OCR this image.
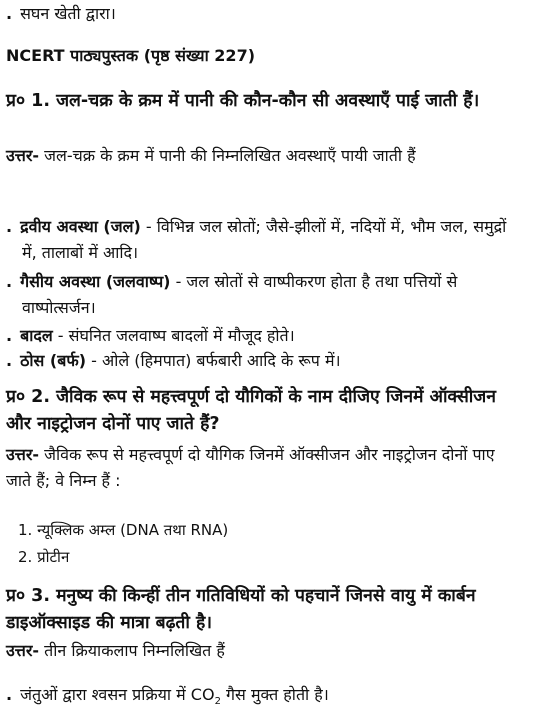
. सघन खेती द्वारा।
NCERT पाठ्यपुस्तक (पृष्ठ संख्या 227)
प्र० 1. जल-चक्र के क्रम में पानी की कौन-कौन सी अवस्थाएँ पाई जाती हैं।
उत्तर- जल-चक्र के क्रम में पानी की निम्नलिखित अवस्थाएँ पायी जाती हैं
. द्रवीय अवस्था (जल) - विभिन्न जल स्रोतों; जैसे-झीलों में, नदियों में, भौम जल, समुद्रों में, तालाबों में आदि।
. गैसीय अवस्था (जलवाष्प) - जल स्रोतों से वाष्पीकरण होता है तथा पत्तियों से वाष्पोत्सर्जन।
. बादल - संघनित जलवाष्प बादलों में मौजूद होते।
. ठोस (बर्फ) - ओले (हिमपात) बर्फबारी आदि के रूप में।
प्र० 2. जैविक रूप से महत्त्वपूर्ण दो यौगिकों के नाम दीजिए जिनमें ऑक्सीजन और नाइट्रोजन दोनों पाए जाते हैं?
उत्तर- जैविक रूप से महत्त्वपूर्ण दो यौगिक जिनमें ऑक्सीजन और नाइट्रोजन दोनों पाए जाते हैं; वे निम्न हैं :
1. न्यूक्लिक अम्ल (DNA तथा RNA)
2. प्रोटीन
प्र० 3. मनुष्य की किन्हीं तीन गतिविधियों को पहचानें जिनसे वायु में कार्बन डाइऑक्साइड की मात्रा बढ़ती है।
उत्तर- तीन क्रियाकलाप निम्नलिखित हैं
. जंतुओं द्वारा श्वसन प्रक्रिया में $CO_2$ गैस मुक्त होती है।
